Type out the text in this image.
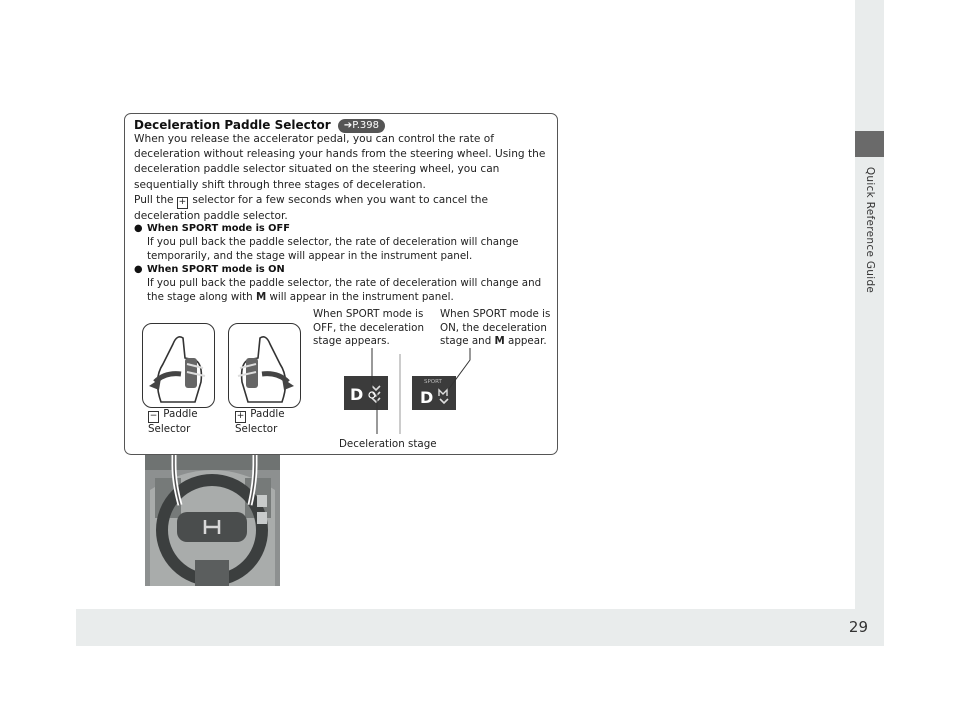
Quick Reference Guide
29
Deceleration Paddle Selector ➔P.398
When you release the accelerator pedal, you can control the rate of deceleration without releasing your hands from the steering wheel. Using the deceleration paddle selector situated on the steering wheel, you can sequentially shift through three stages of deceleration.
Pull the + selector for a few seconds when you want to cancel the deceleration paddle selector.
● When SPORT mode is OFF
If you pull back the paddle selector, the rate of deceleration will change temporarily, and the stage will appear in the instrument panel.
● When SPORT mode is ON
If you pull back the paddle selector, the rate of deceleration will change and the stage along with M will appear in the instrument panel.
− Paddle
Selector
+ Paddle
Selector
When SPORT mode is
OFF, the deceleration
stage appears.
When SPORT mode is
ON, the deceleration
stage and M appear.
D
SPORT
D
Deceleration stage
